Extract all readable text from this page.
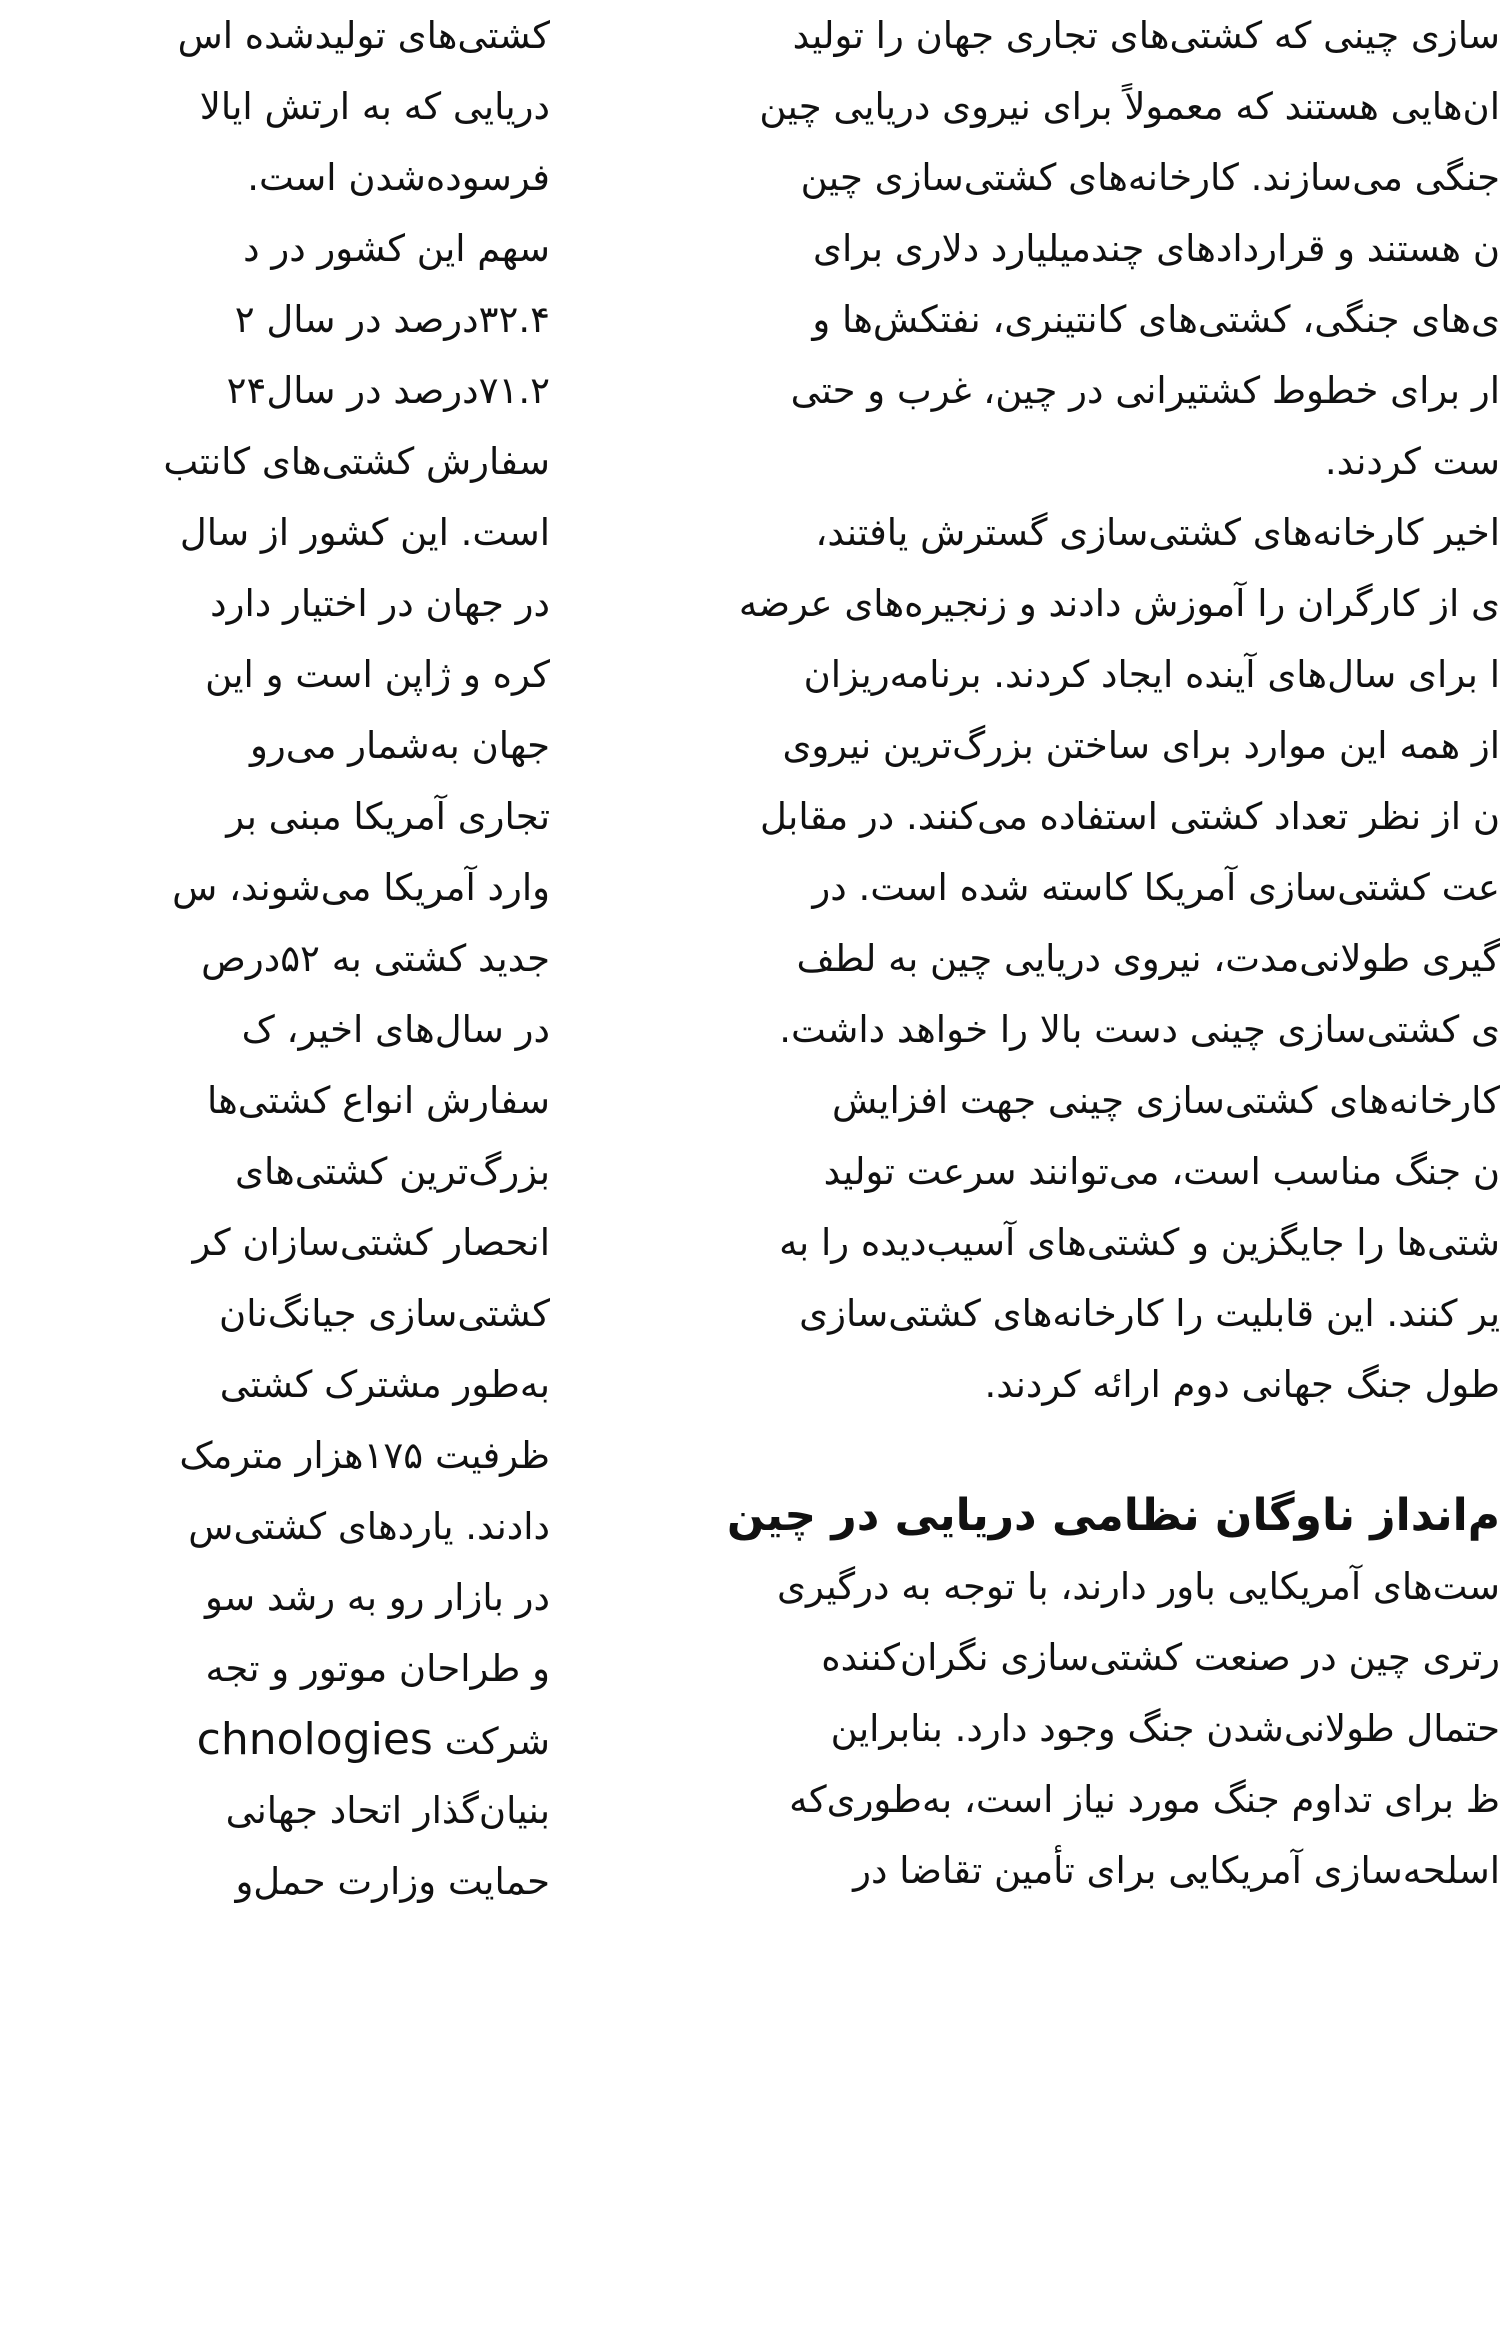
سازی چینی که کشتی‌های تجاری جهان را تولید
ان‌هایی هستند که معمولاً برای نیروی دریایی چین
جنگی می‌سازند. کارخانه‌های کشتی‌سازی چین
ن هستند و قراردادهای چندمیلیارد دلاری برای
ی‌های جنگی، کشتی‌های کانتینری، نفتکش‌ها و
ار برای خطوط کشتیرانی در چین، غرب و حتی
ست کردند.
اخیر کارخانه‌های کشتی‌سازی گسترش یافتند،
ی از کارگران را آموزش دادند و زنجیره‌های عرضه
ا برای سال‌های آینده ایجاد کردند. برنامه‌ریزان
از همه این موارد برای ساختن بزرگ‌ترین نیروی
ن از نظر تعداد کشتی استفاده می‌کنند. در مقابل
عت کشتی‌سازی آمریکا کاسته شده است. در
گیری طولانی‌مدت، نیروی دریایی چین به لطف
ی کشتی‌سازی چینی دست بالا را خواهد داشت.
کارخانه‌های کشتی‌سازی چینی جهت افزایش
ن جنگ مناسب است، می‌توانند سرعت تولید
شتی‌ها را جایگزین و کشتی‌های آسیب‌دیده را به
یر کنند. این قابلیت را کارخانه‌های کشتی‌سازی
طول جنگ جهانی دوم ارائه کردند.
م‌انداز ناوگان نظامی دریایی در چین
ست‌های آمریکایی باور دارند، با توجه به درگیری
رتری چین در صنعت کشتی‌سازی نگران‌کننده
حتمال طولانی‌شدن جنگ وجود دارد. بنابراین
ظ برای تداوم جنگ مورد نیاز است، به‌طوری‌که
اسلحه‌سازی آمریکایی برای تأمین تقاضا در
کشتی‌های تولیدشده اس
دریایی که به ارتش ایالا
فرسوده‌شدن است.
سهم این کشور در د
۳۲.۴درصد در سال ۲
۷۱.۲درصد در سال۲۴
سفارش کشتی‌های کانتب
است. این کشور از سال
در جهان در اختیار دارد
کره و ژاپن است و این
جهان به‌شمار می‌رو
تجاری آمریکا مبنی بر
وارد آمریکا می‌شوند، س
جدید کشتی به ۵۲درص
در سال‌های اخیر، ک
سفارش انواع کشتی‌ها
بزرگ‌ترین کشتی‌های
انحصار کشتی‌سازان کر
کشتی‌سازی جیانگ‌نان
به‌طور مشترک کشتی
ظرفیت ۱۷۵هزار مترمک
دادند. یاردهای کشتی‌س
در بازار رو به رشد سو
و طراحان موتور و تجه
شرکت chnologies
بنیان‌گذار اتحاد جهانی
حمایت وزارت حمل‌و
